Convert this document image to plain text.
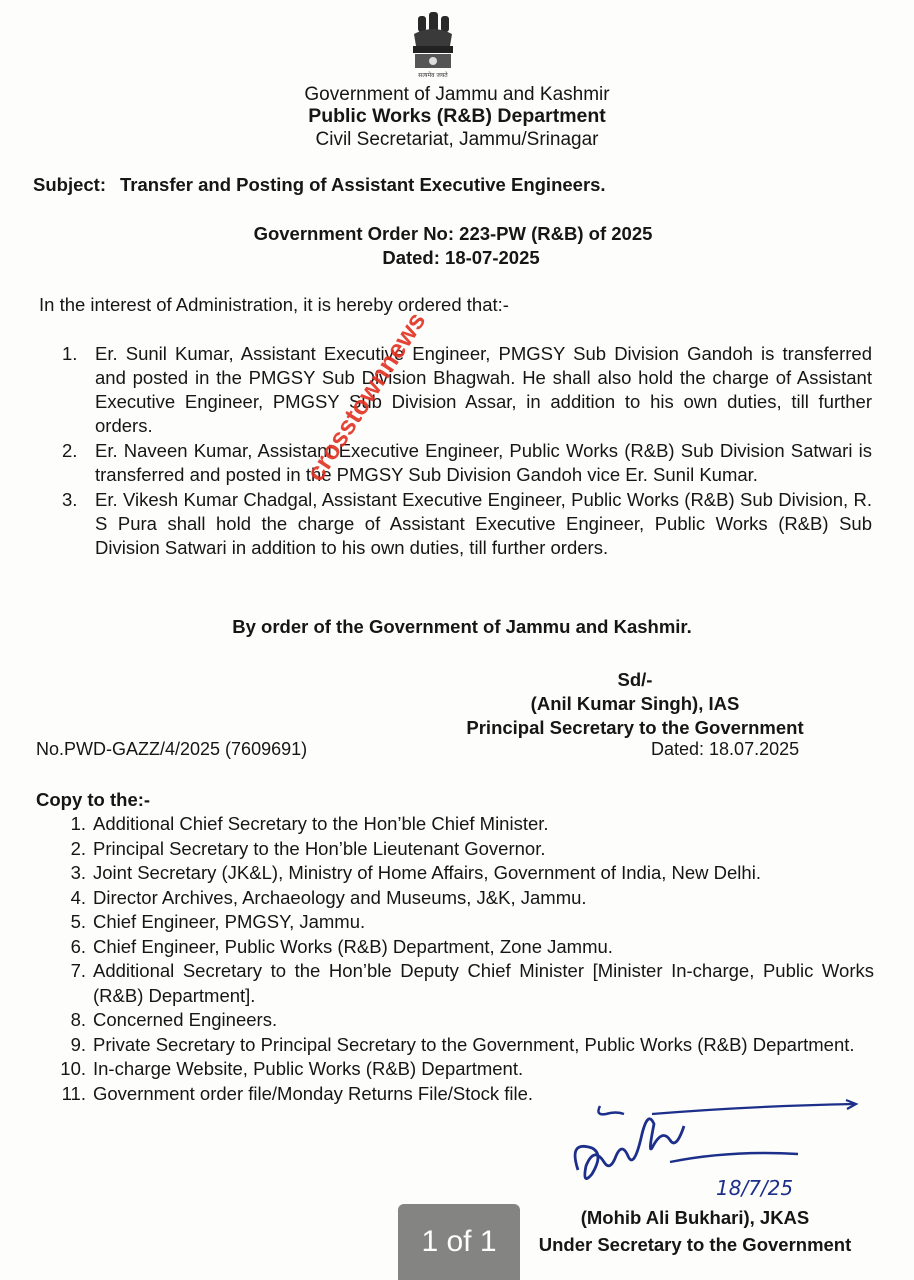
सत्यमेव जयते
Government of Jammu and Kashmir
Public Works (R&B) Department
Civil Secretariat, Jammu/Srinagar
Subject: Transfer and Posting of Assistant Executive Engineers.
Government Order No: 223-PW (R&B) of 2025
Dated: 18-07-2025
In the interest of Administration, it is hereby ordered that:-
1. Er. Sunil Kumar, Assistant Executive Engineer, PMGSY Sub Division Gandoh is transferred and posted in the PMGSY Sub Division Bhagwah. He shall also hold the charge of Assistant Executive Engineer, PMGSY Sub Division Assar, in addition to his own duties, till further orders.
2. Er. Naveen Kumar, Assistant Executive Engineer, Public Works (R&B) Sub Division Satwari is transferred and posted in the PMGSY Sub Division Gandoh vice Er. Sunil Kumar.
3. Er. Vikesh Kumar Chadgal, Assistant Executive Engineer, Public Works (R&B) Sub Division, R. S Pura shall hold the charge of Assistant Executive Engineer, Public Works (R&B) Sub Division Satwari in addition to his own duties, till further orders.
crosstownnews
By order of the Government of Jammu and Kashmir.
Sd/-
(Anil Kumar Singh), IAS
Principal Secretary to the Government
No.PWD-GAZZ/4/2025 (7609691)	Dated: 18.07.2025
Copy to the:-
1. Additional Chief Secretary to the Hon’ble Chief Minister.
2. Principal Secretary to the Hon’ble Lieutenant Governor.
3. Joint Secretary (JK&L), Ministry of Home Affairs, Government of India, New Delhi.
4. Director Archives, Archaeology and Museums, J&K, Jammu.
5. Chief Engineer, PMGSY, Jammu.
6. Chief Engineer, Public Works (R&B) Department, Zone Jammu.
7. Additional Secretary to the Hon’ble Deputy Chief Minister [Minister In-charge, Public Works (R&B) Department].
8. Concerned Engineers.
9. Private Secretary to Principal Secretary to the Government, Public Works (R&B) Department.
10. In-charge Website, Public Works (R&B) Department.
11. Government order file/Monday Returns File/Stock file.
18/7/25
(Mohib Ali Bukhari), JKAS
Under Secretary to the Government
1 of 1
